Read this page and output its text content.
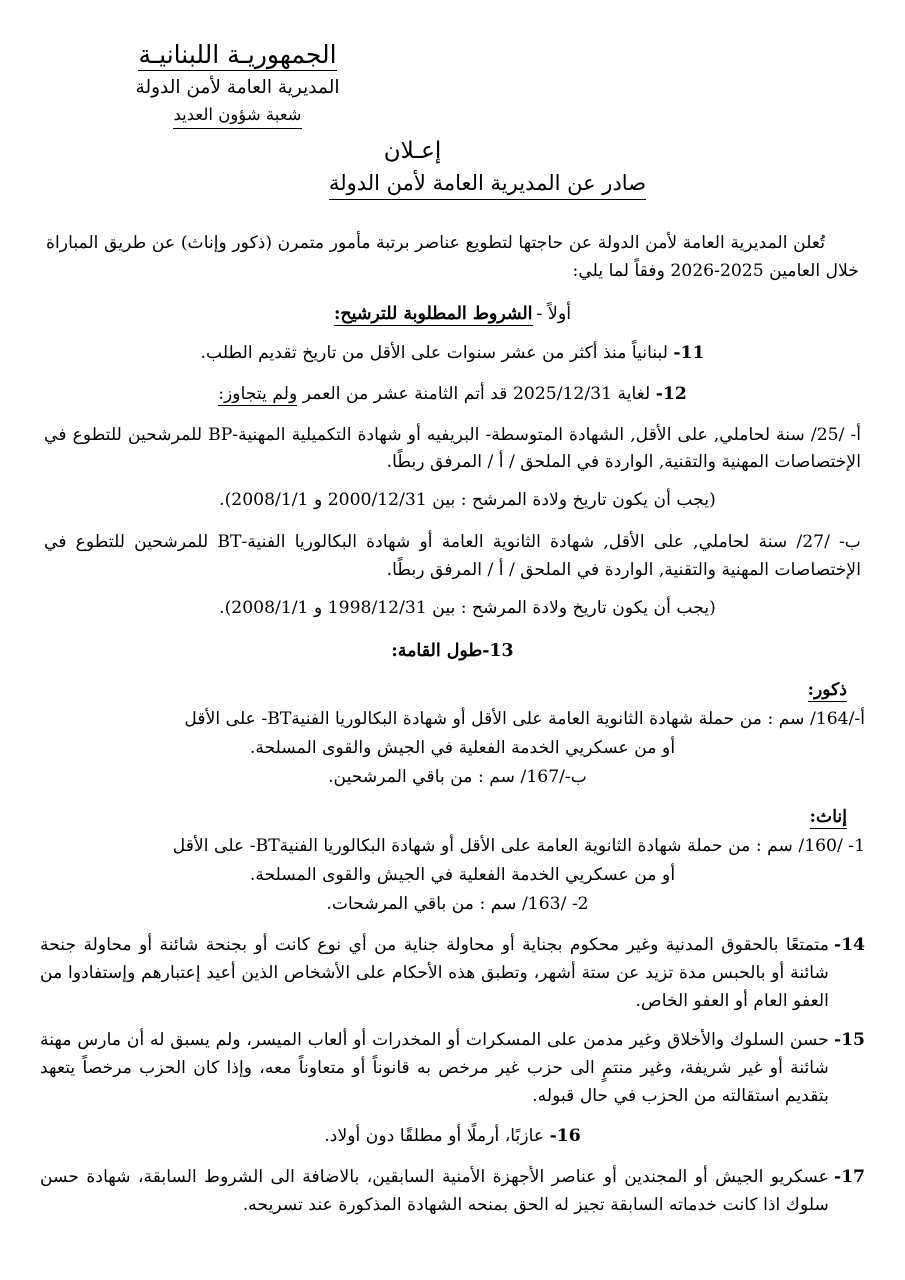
الجمهوريـة اللبنانيـة
المديرية العامة لأمن الدولة
شعبة شؤون العديد
إعـلان
صادر عن المديرية العامة لأمن الدولة

تُعلن المديرية العامة لأمن الدولة عن حاجتها لتطويع عناصر برتبة مأمور متمرن (ذكور وإناث) عن طريق المباراة خلال العامين 2025-2026 وفقاً لما يلي:

أولاً -الشروط المطلوبة للترشيح:

11- لبنانياً منذ أكثر من عشر سنوات على الأقل من تاريخ تقديم الطلب.

12- لغاية 2025/12/31 قد أتم الثامنة عشر من العمر ولم يتجاوز:

أ- /25/ سنة لحاملي, على الأقل, الشهادة المتوسطة- البريفيه أو شهادة التكميلية المهنية-BP للمرشحين للتطوع في الإختصاصات المهنية والتقنية, الواردة في الملحق / أ / المرفق ربطًا.

(يجب أن يكون تاريخ ولادة المرشح : بين 2000/12/31 و 2008/1/1).

ب- /27/ سنة لحاملي, على الأقل, شهادة الثانوية العامة أو شهادة البكالوريا الفنية-BT للمرشحين للتطوع في الإختصاصات المهنية والتقنية, الواردة في الملحق / أ / المرفق ربطًا.

(يجب أن يكون تاريخ ولادة المرشح : بين 1998/12/31 و 2008/1/1).

13-طول القامة:

ذكور:

أ-/164/ سم : من حملة شهادة الثانوية العامة على الأقل أو شهادة البكالوريا الفنيةBT- على الأقل

أو من عسكريي الخدمة الفعلية في الجيش والقوى المسلحة.

ب-/167/ سم : من باقي المرشحين.

إناث:

1- /160/ سم : من حملة شهادة الثانوية العامة على الأقل أو شهادة البكالوريا الفنيةBT- على الأقل

أو من عسكريي الخدمة الفعلية في الجيش والقوى المسلحة.

2- /163/ سم : من باقي المرشحات.

14-
متمتعًا بالحقوق المدنية وغير محكوم بجناية أو محاولة جناية من أي نوع كانت أو بجنحة شائنة أو محاولة جنحة شائنة أو بالحبس مدة تزيد عن ستة أشهر، وتطبق هذه الأحكام على الأشخاص الذين أعيد إعتبارهم وإستفادوا من العفو العام أو العفو الخاص.
15-
حسن السلوك والأخلاق وغير مدمن على المسكرات أو المخدرات أو ألعاب الميسر، ولم يسبق له أن مارس مهنة شائنة أو غير شريفة، وغير منتمٍ الى حزب غير مرخص به قانوناً أو متعاوناً معه، وإذا كان الحزب مرخصاً يتعهد بتقديم استقالته من الحزب في حال قبوله.

16- عازبًا، أرملًا أو مطلقًا دون أولاد.

17-
عسكريو الجيش أو المجندين أو عناصر الأجهزة الأمنية السابقين، بالاضافة الى الشروط السابقة، شهادة حسن سلوك اذا كانت خدماته السابقة تجيز له الحق بمنحه الشهادة المذكورة عند تسريحه.
